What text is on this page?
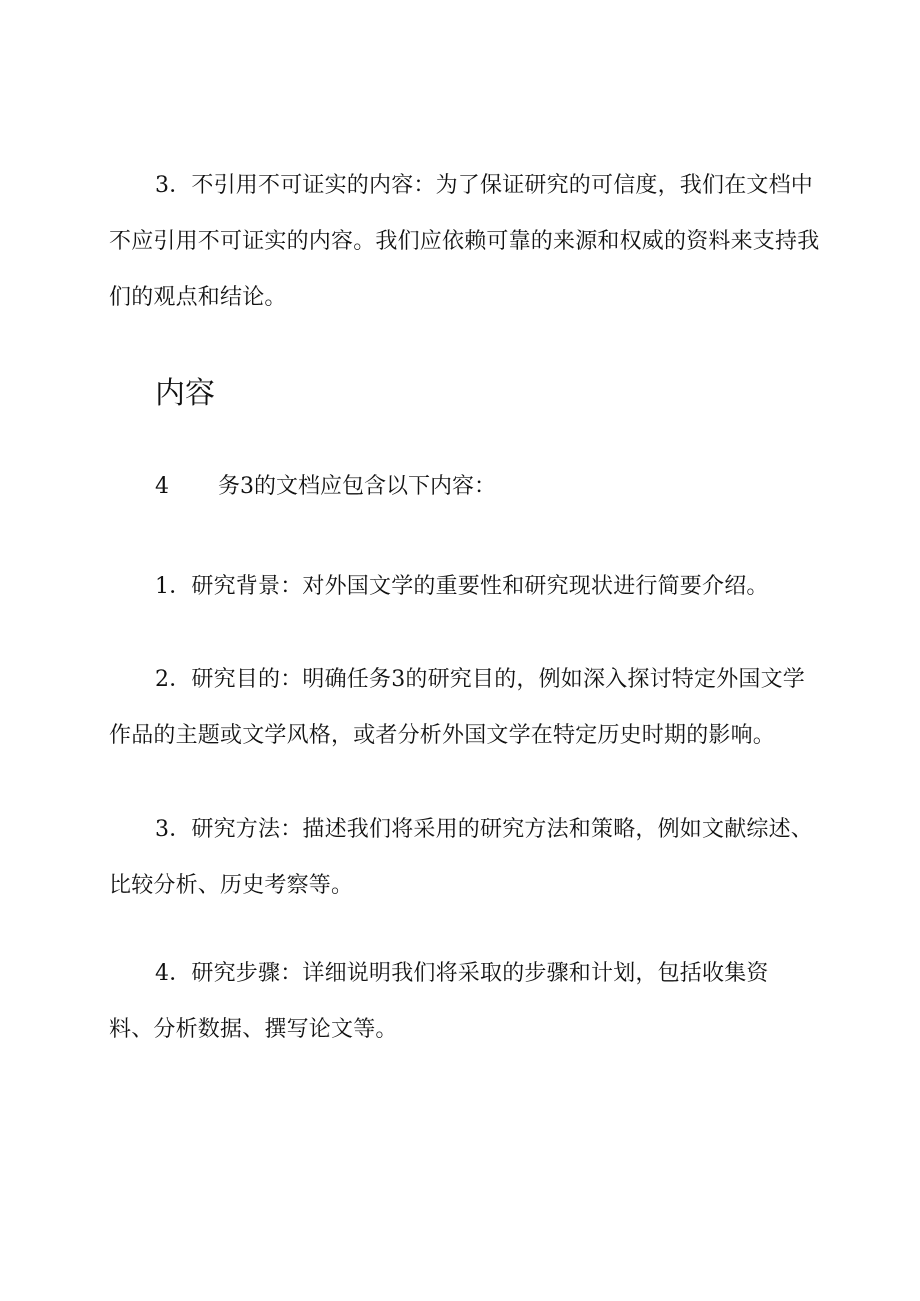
3．不引用不可证实的内容：为了保证研究的可信度，我们在文档中不应引用不可证实的内容。我们应依赖可靠的来源和权威的资料来支持我们的观点和结论。

内容
4 务3的文档应包含以下内容：

1．研究背景：对外国文学的重要性和研究现状进行简要介绍。

2．研究目的：明确任务3的研究目的，例如深入探讨特定外国文学作品的主题或文学风格，或者分析外国文学在特定历史时期的影响。

3．研究方法：描述我们将采用的研究方法和策略，例如文献综述、比较分析、历史考察等。

4．研究步骤：详细说明我们将采取的步骤和计划，包括收集资料、分析数据、撰写论文等。
